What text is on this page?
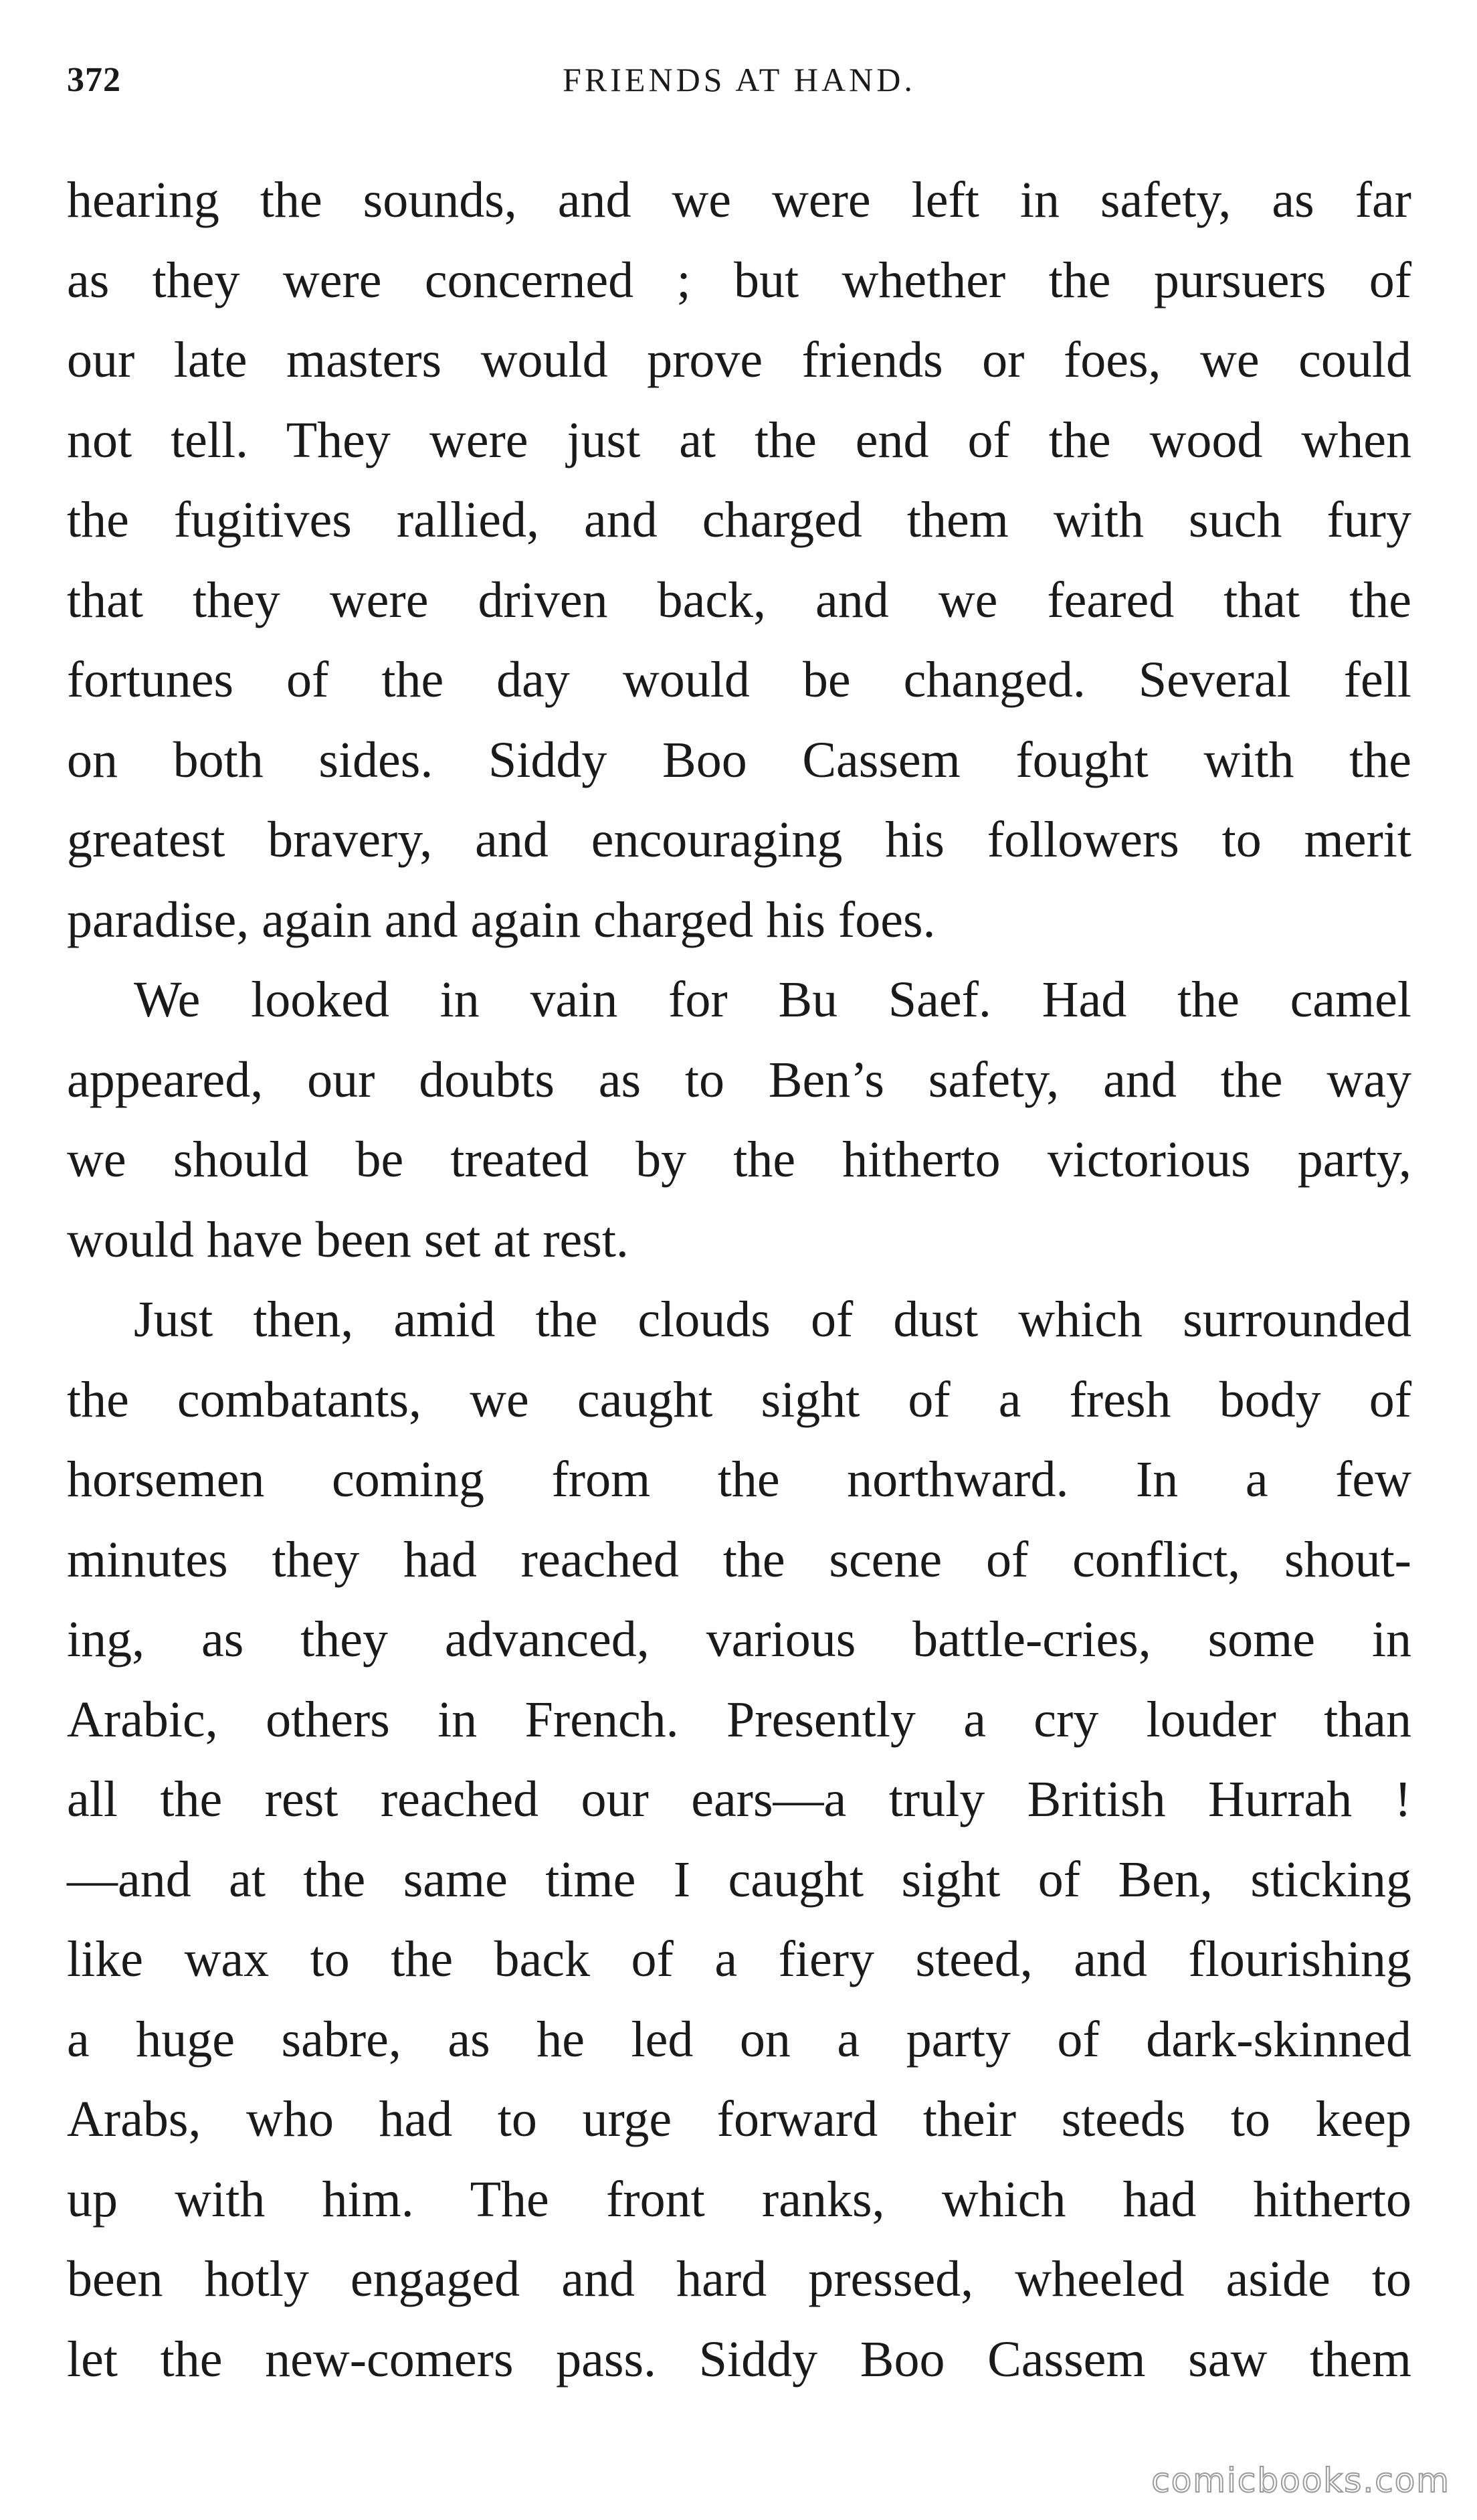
372	FRIENDS AT HAND.
hearing the sounds, and we were left in safety, as far
as they were concerned ; but whether the pursuers of
our late masters would prove friends or foes, we could
not tell. They were just at the end of the wood when
the fugitives rallied, and charged them with such fury
that they were driven back, and we feared that the
fortunes of the day would be changed. Several fell
on both sides. Siddy Boo Cassem fought with the
greatest bravery, and encouraging his followers to merit
paradise, again and again charged his foes.
We looked in vain for Bu Saef. Had the camel
appeared, our doubts as to Ben’s safety, and the way
we should be treated by the hitherto victorious party,
would have been set at rest.
Just then, amid the clouds of dust which surrounded
the combatants, we caught sight of a fresh body of
horsemen coming from the northward. In a few
minutes they had reached the scene of conflict, shout-
ing, as they advanced, various battle-cries, some in
Arabic, others in French. Presently a cry louder than
all the rest reached our ears—a truly British Hurrah !
—and at the same time I caught sight of Ben, sticking
like wax to the back of a fiery steed, and flourishing
a huge sabre, as he led on a party of dark-skinned
Arabs, who had to urge forward their steeds to keep
up with him. The front ranks, which had hitherto
been hotly engaged and hard pressed, wheeled aside to
let the new-comers pass. Siddy Boo Cassem saw them
comicbooks.com
